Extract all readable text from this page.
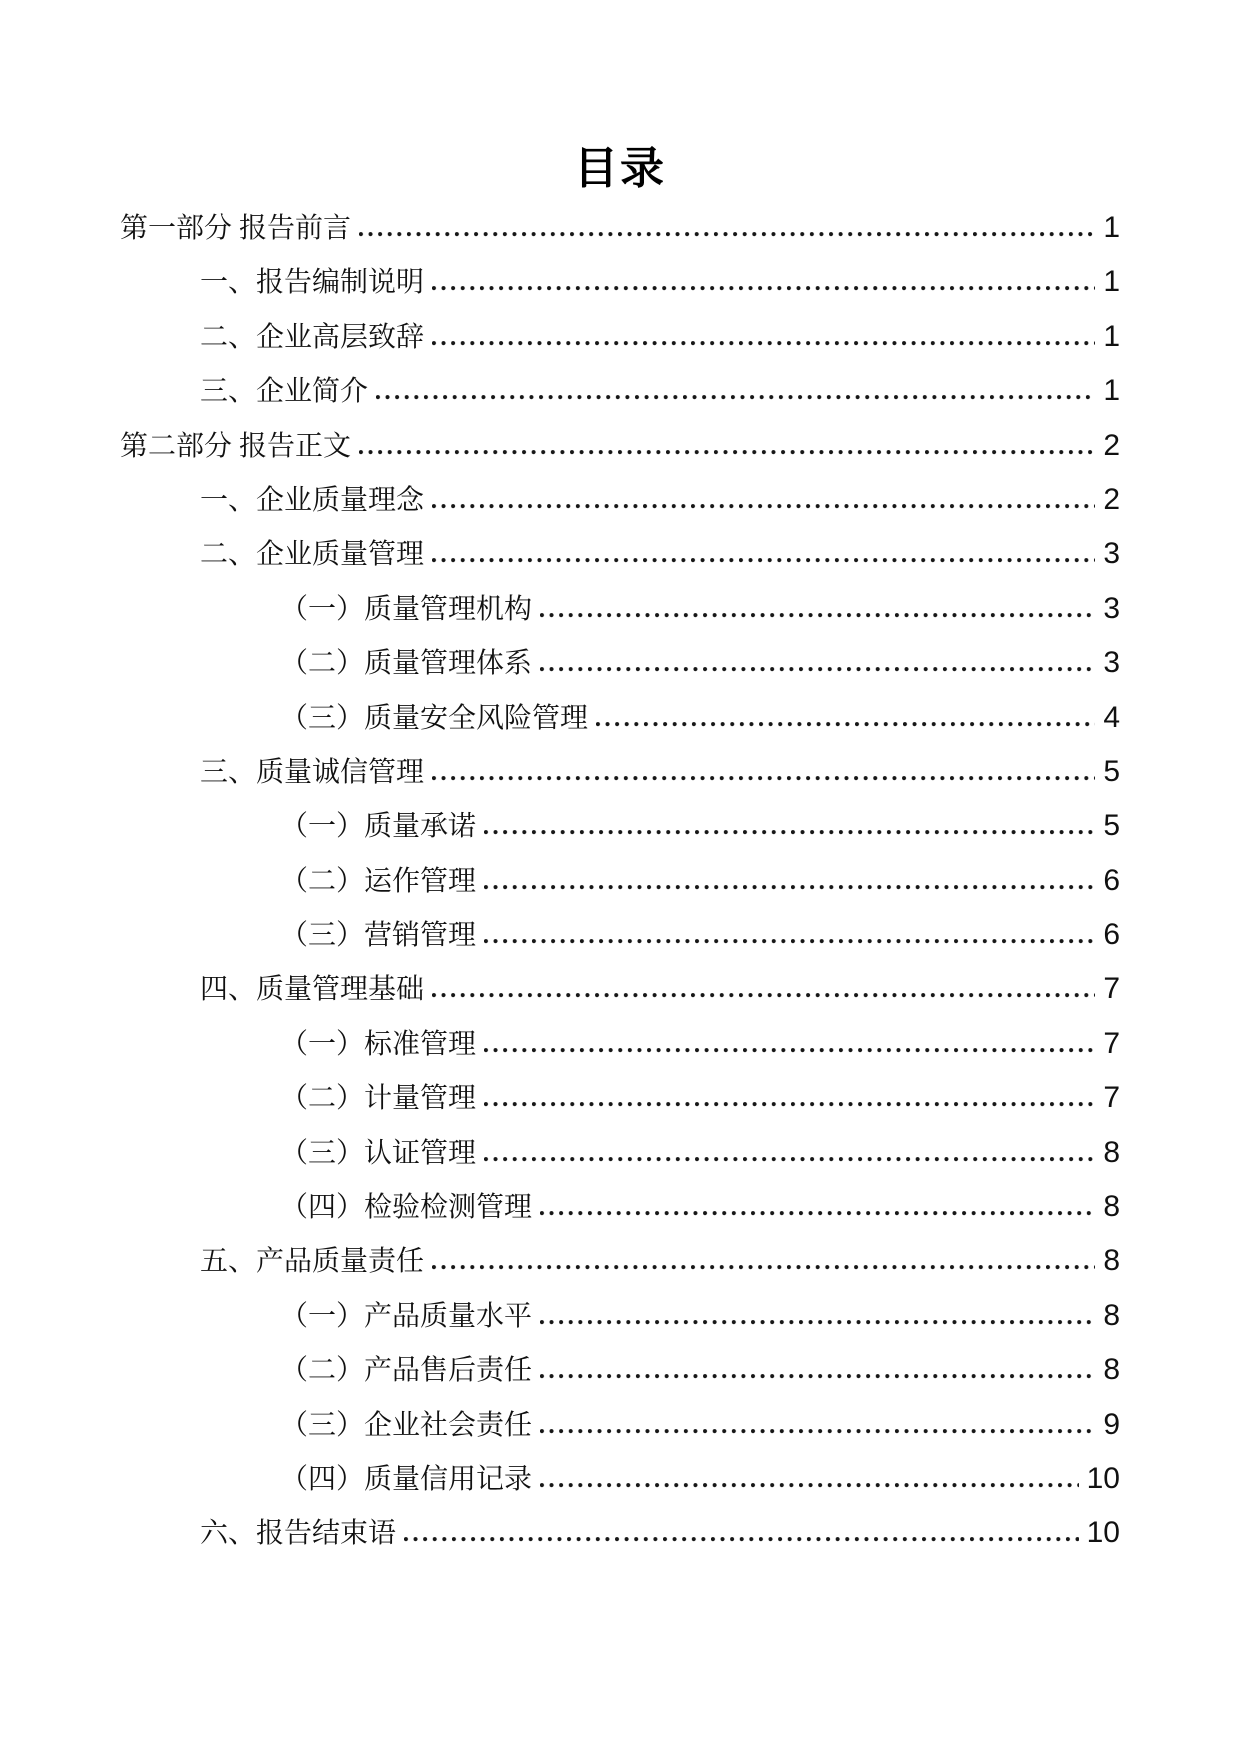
目录
第一部分 报告前言	1
一、报告编制说明	1
二、企业高层致辞	1
三、企业简介	1
第二部分 报告正文	2
一、企业质量理念	2
二、企业质量管理	3
（一）质量管理机构	3
（二）质量管理体系	3
（三）质量安全风险管理	4
三、质量诚信管理	5
（一）质量承诺	5
（二）运作管理	6
（三）营销管理	6
四、质量管理基础	7
（一）标准管理	7
（二）计量管理	7
（三）认证管理	8
（四）检验检测管理	8
五、产品质量责任	8
（一）产品质量水平	8
（二）产品售后责任	8
（三）企业社会责任	9
（四）质量信用记录	10
六、报告结束语	10
